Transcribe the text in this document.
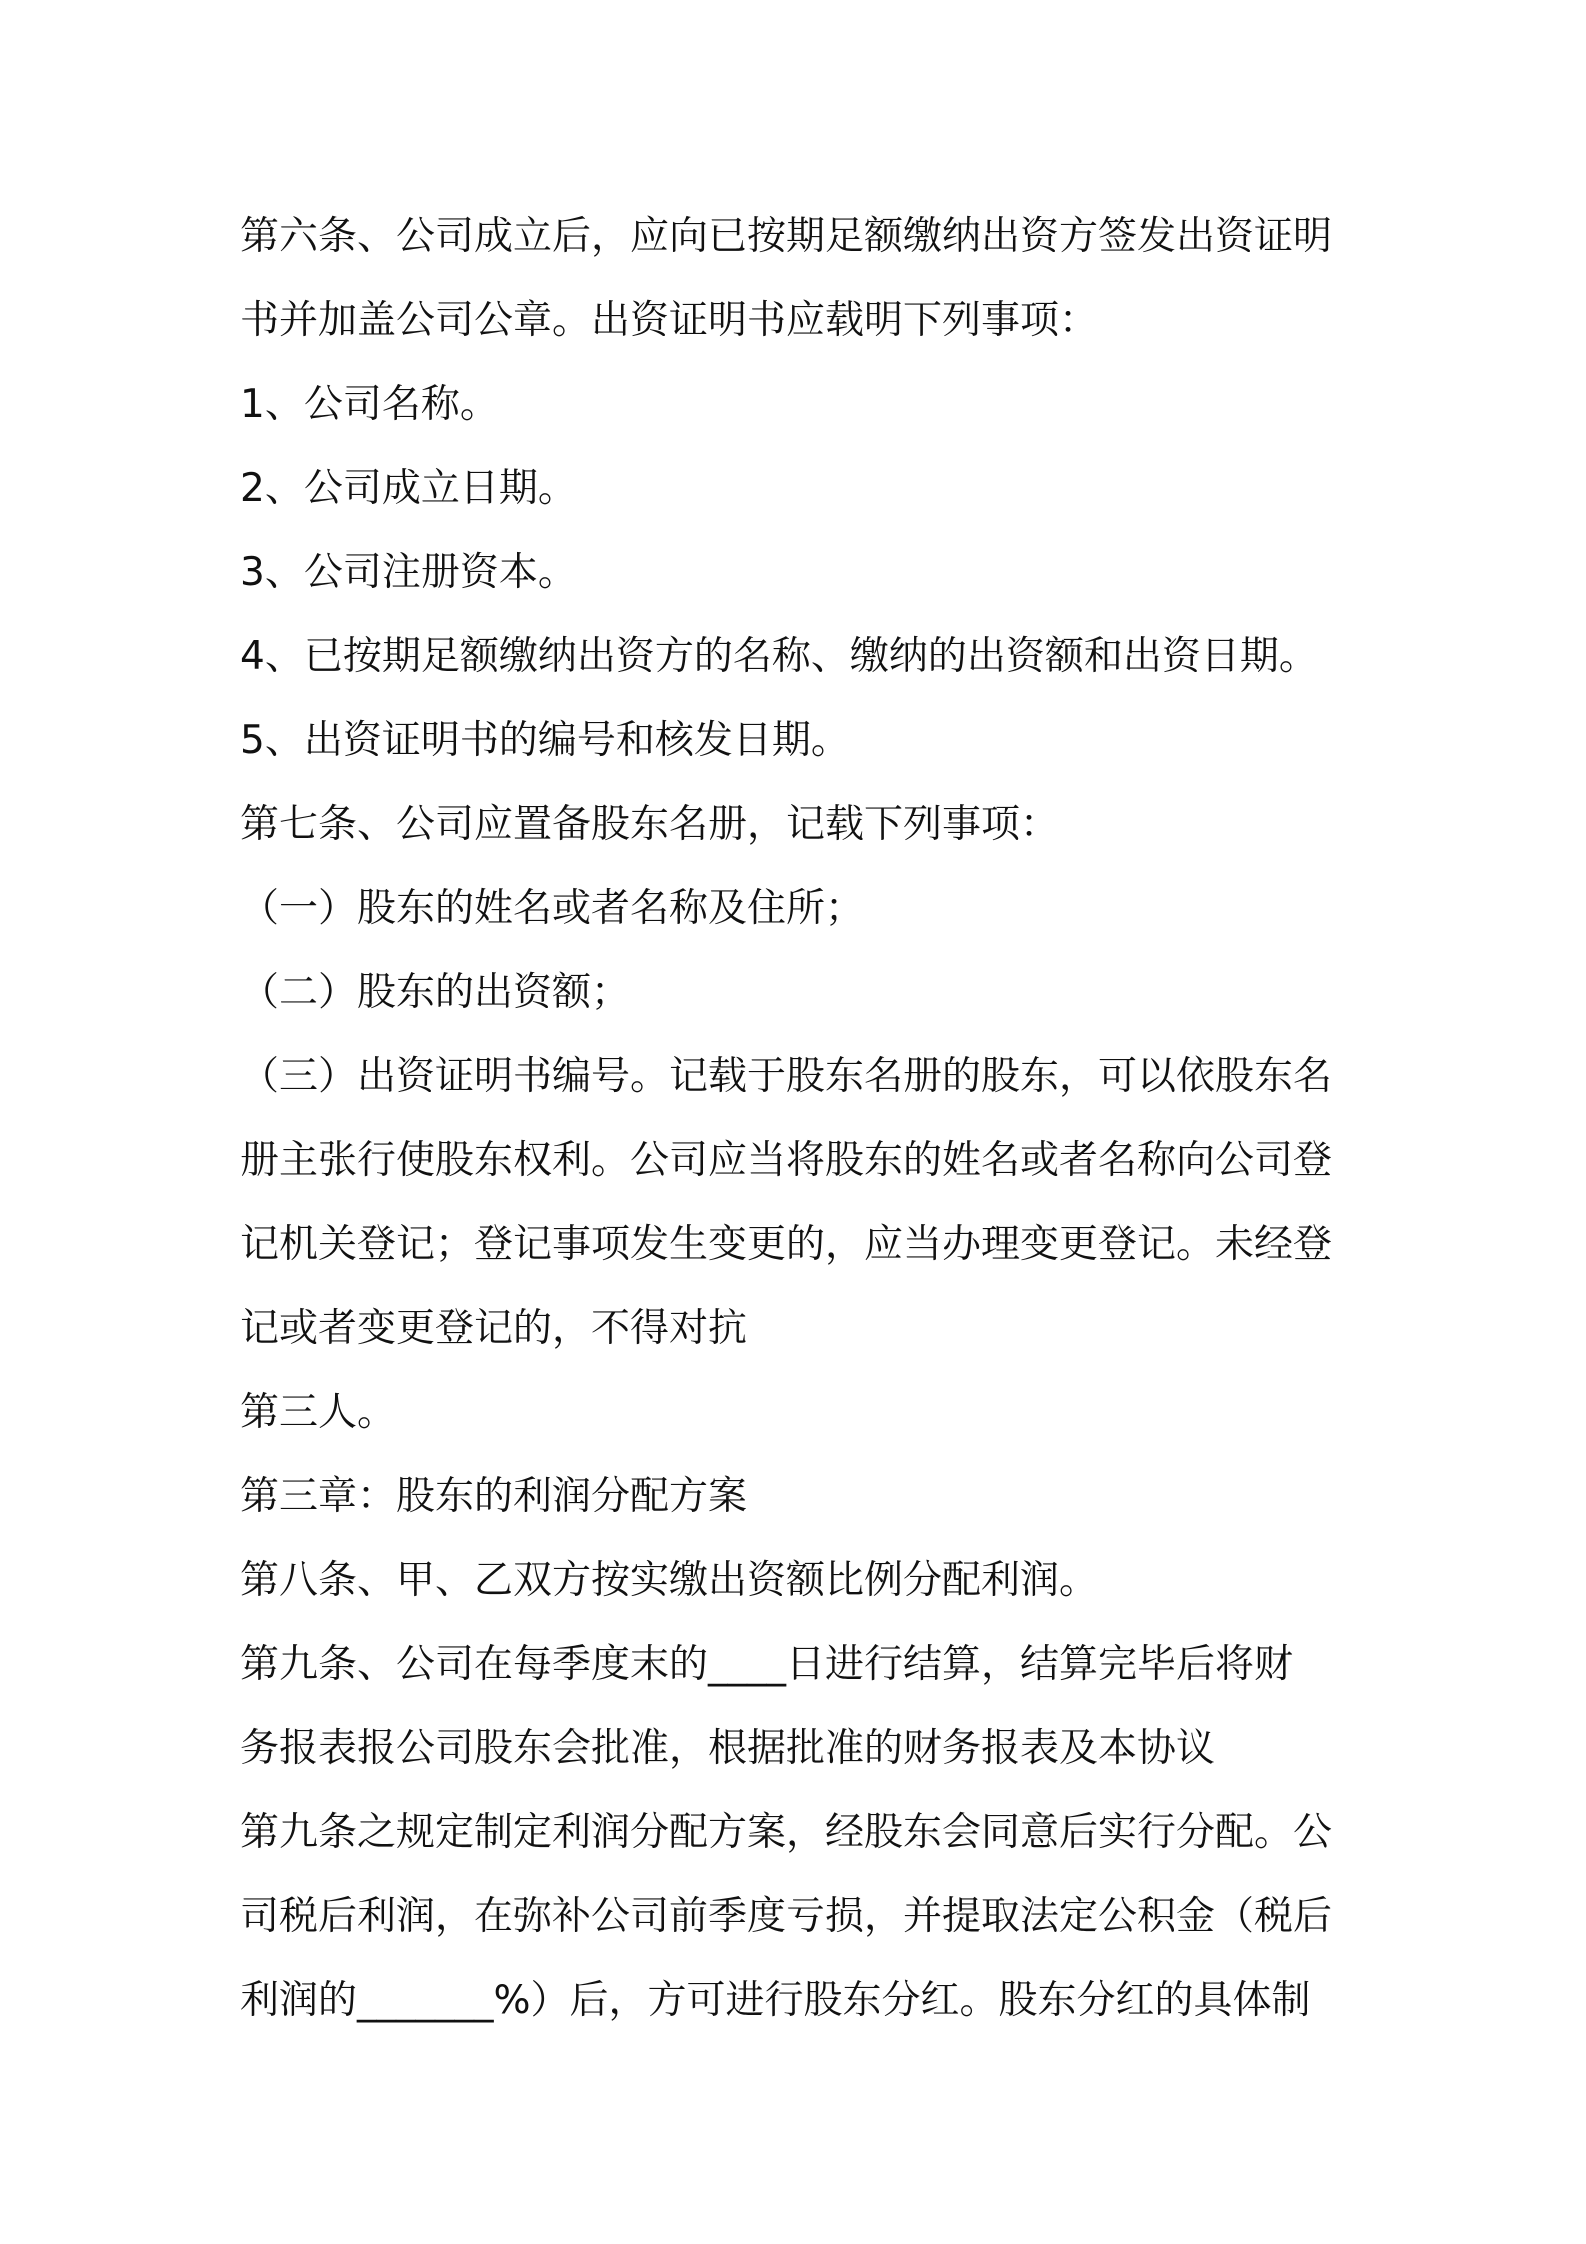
第六条、公司成立后，应向已按期足额缴纳出资方签发出资证明
书并加盖公司公章。出资证明书应载明下列事项：
1、公司名称。
2、公司成立日期。
3、公司注册资本。
4、已按期足额缴纳出资方的名称、缴纳的出资额和出资日期。
5、出资证明书的编号和核发日期。
第七条、公司应置备股东名册，记载下列事项：
（一）股东的姓名或者名称及住所；
（二）股东的出资额；
（三）出资证明书编号。记载于股东名册的股东，可以依股东名
册主张行使股东权利。公司应当将股东的姓名或者名称向公司登
记机关登记；登记事项发生变更的，应当办理变更登记。未经登
记或者变更登记的，不得对抗
第三人。
第三章：股东的利润分配方案
第八条、甲、乙双方按实缴出资额比例分配利润。
第九条、公司在每季度末的____日进行结算，结算完毕后将财
务报表报公司股东会批准，根据批准的财务报表及本协议
第九条之规定制定利润分配方案，经股东会同意后实行分配。公
司税后利润，在弥补公司前季度亏损，并提取法定公积金（税后
利润的_______%）后，方可进行股东分红。股东分红的具体制
